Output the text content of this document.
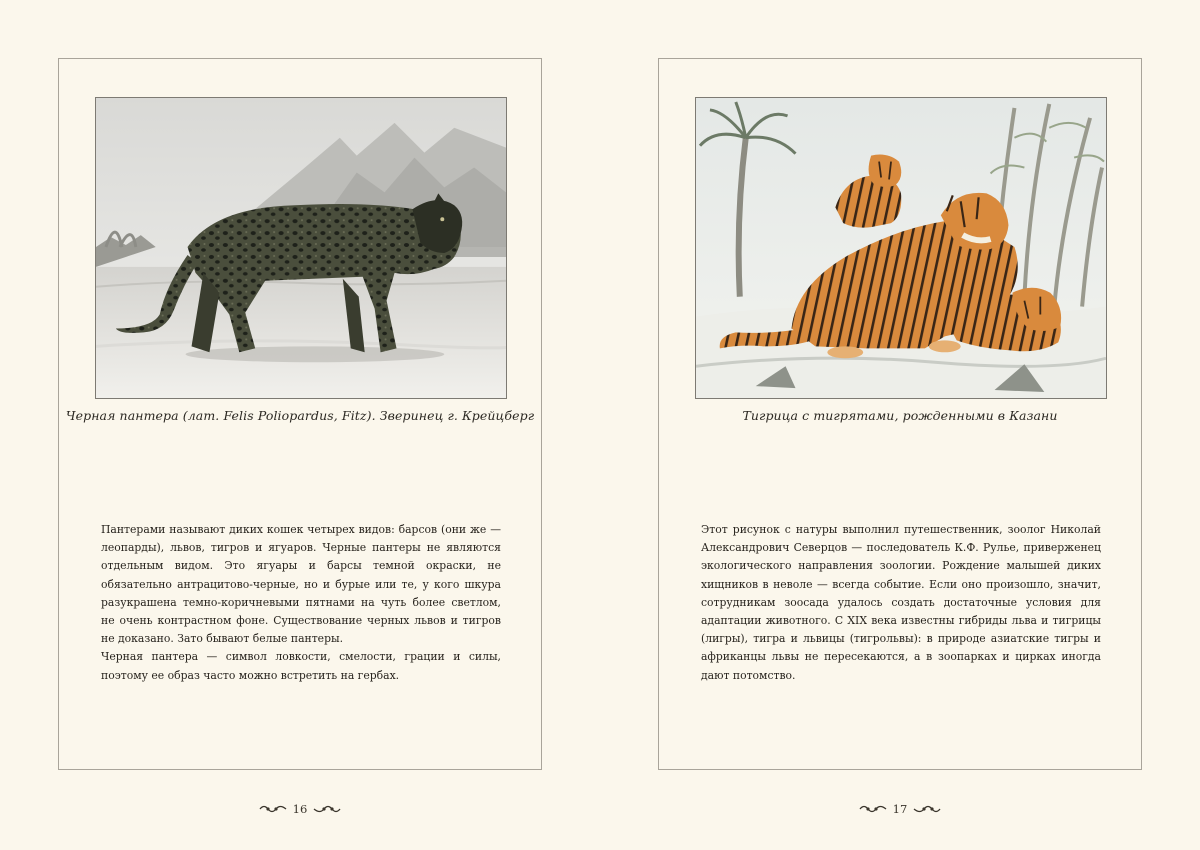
Черная пантера (лат. Felis Poliopardus, Fitz). Зверинец г. Крейцберг

Пантерами называют диких кошек четырех видов: барсов (они же — леопарды), львов, тигров и ягуаров. Черные пантеры не являются отдельным видом. Это ягуары и барсы темной окраски, не обязательно антрацитово-черные, но и бурые или те, у кого шкура разукрашена темно-коричневыми пятнами на чуть более светлом, не очень контрастном фоне. Существование черных львов и тигров не доказано. Зато бывают белые пантеры.

Черная пантера — символ ловкости, смелости, грации и силы, поэтому ее образ часто можно встретить на гербах.

Тигрица с тигрятами, рожденными в Казани

Этот рисунок с натуры выполнил путешественник, зоолог Николай Александрович Северцов — последователь К.Ф. Рулье, приверженец экологического направления зоологии. Рождение малышей диких хищников в неволе — всегда событие. Если оно произошло, значит, сотрудникам зоосада удалось создать достаточные условия для адаптации животного. С XIX века известны гибриды льва и тигрицы (лигры), тигра и львицы (тигрольвы): в природе азиатские тигры и африканцы львы не пересекаются, а в зоопарках и цирках иногда дают потомство.

16	17
